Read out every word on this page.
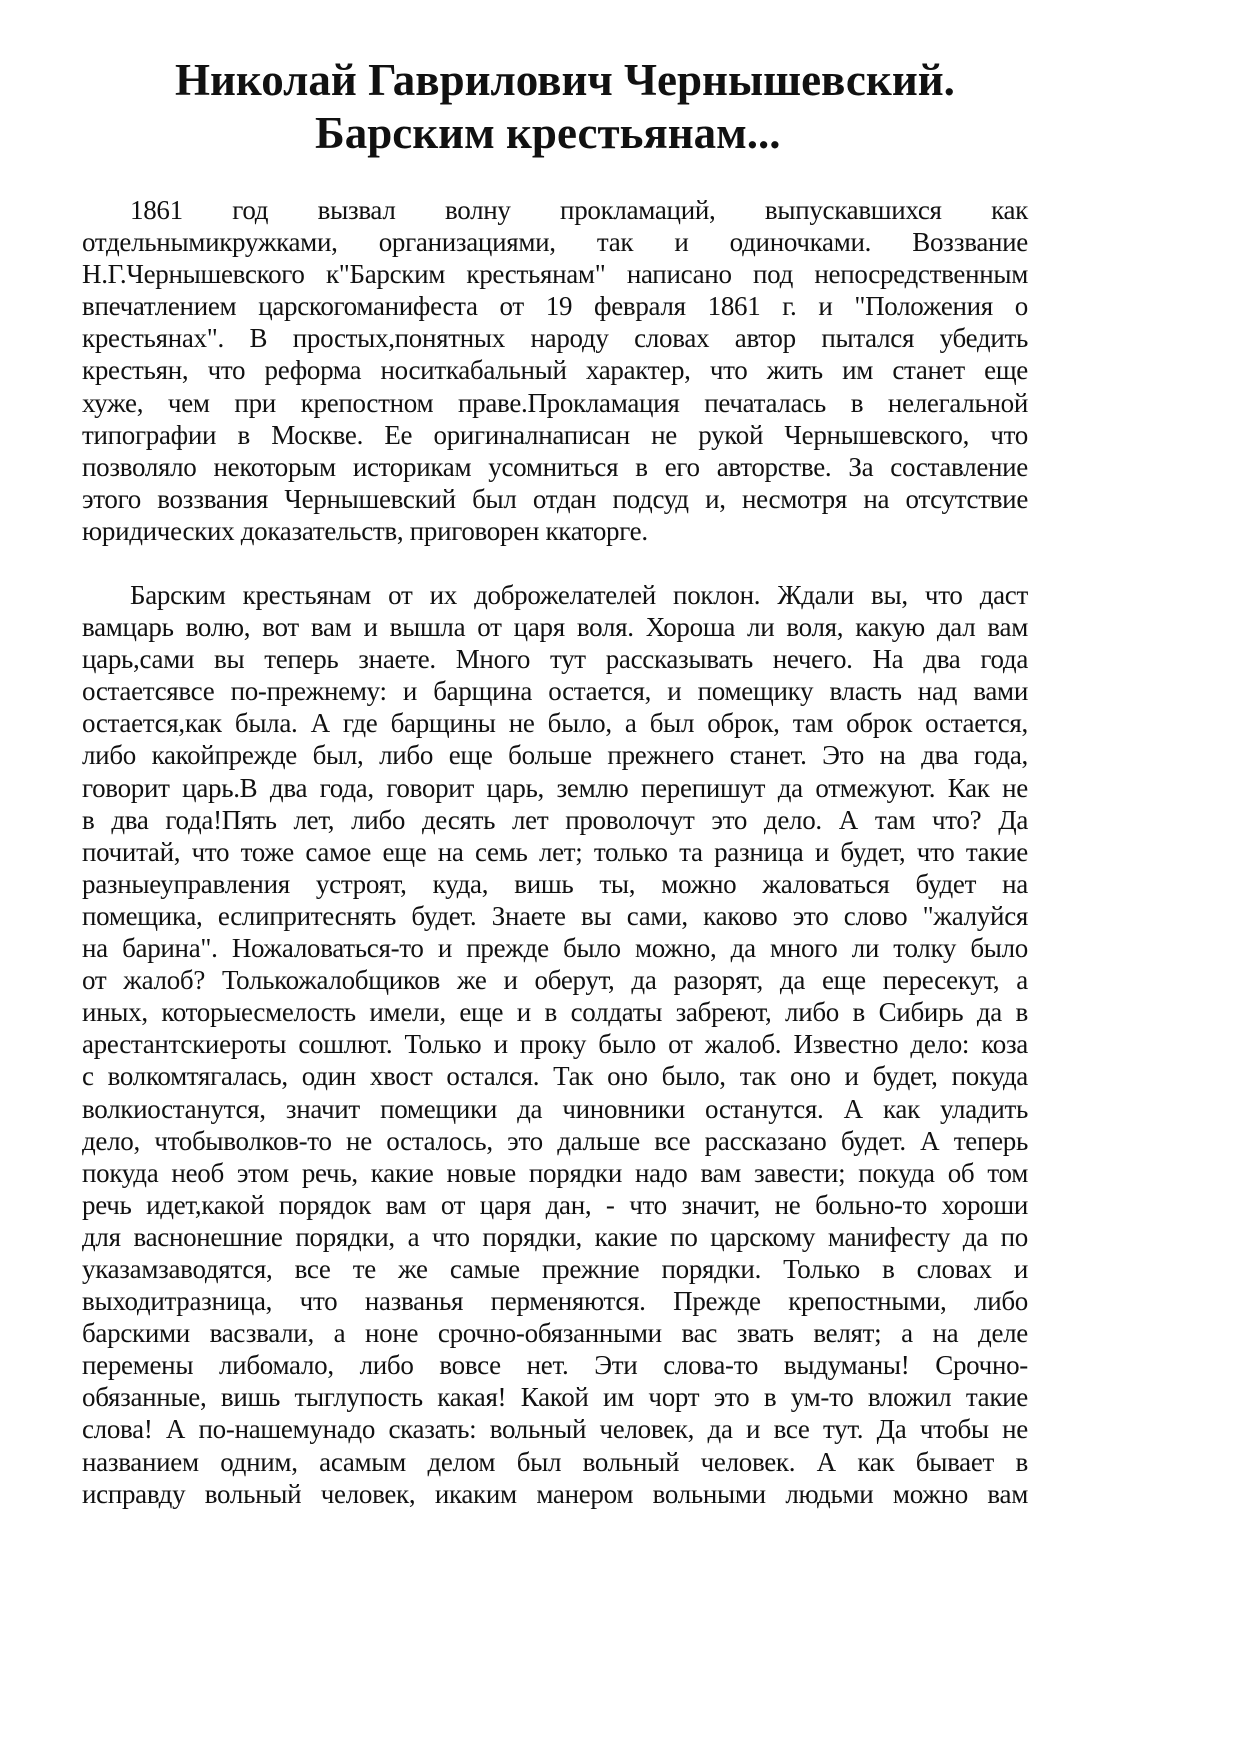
Николай Гаврилович Чернышевский.
Барским крестьянам...
1861 год вызвал волну прокламаций, выпускавшихся как
отдельнымикружками, организациями, так и одиночками. Воззвание
Н.Г.Чернышевского к"Барским крестьянам" написано под непосредственным
впечатлением царскогоманифеста от 19 февраля 1861 г. и "Положения о
крестьянах". В простых,понятных народу словах автор пытался убедить
крестьян, что реформа носиткабальный характер, что жить им станет еще
хуже, чем при крепостном праве.Прокламация печаталась в нелегальной
типографии в Москве. Ее оригиналнаписан не рукой Чернышевского, что
позволяло некоторым историкам усомниться в его авторстве. За составление
этого воззвания Чернышевский был отдан подсуд и, несмотря на отсутствие
юридических доказательств, приговорен ккаторге.
Барским крестьянам от их доброжелателей поклон. Ждали вы, что даст
вамцарь волю, вот вам и вышла от царя воля. Хороша ли воля, какую дал вам
царь,сами вы теперь знаете. Много тут рассказывать нечего. На два года
остаетсявсе по-прежнему: и барщина остается, и помещику власть над вами
остается,как была. А где барщины не было, а был оброк, там оброк остается,
либо какойпрежде был, либо еще больше прежнего станет. Это на два года,
говорит царь.В два года, говорит царь, землю перепишут да отмежуют. Как не
в два года!Пять лет, либо десять лет проволочут это дело. А там что? Да
почитай, что тоже самое еще на семь лет; только та разница и будет, что такие
разныеуправления устроят, куда, вишь ты, можно жаловаться будет на
помещика, еслипритеснять будет. Знаете вы сами, каково это слово "жалуйся
на барина". Ножаловаться-то и прежде было можно, да много ли толку было
от жалоб? Толькожалобщиков же и оберут, да разорят, да еще пересекут, а
иных, которыесмелость имели, еще и в солдаты забреют, либо в Сибирь да в
арестантскиероты сошлют. Только и проку было от жалоб. Известно дело: коза
с волкомтягалась, один хвост остался. Так оно было, так оно и будет, покуда
волкиостанутся, значит помещики да чиновники останутся. А как уладить
дело, чтобыволков-то не осталось, это дальше все рассказано будет. А теперь
покуда необ этом речь, какие новые порядки надо вам завести; покуда об том
речь идет,какой порядок вам от царя дан, - что значит, не больно-то хороши
для васнонешние порядки, а что порядки, какие по царскому манифесту да по
указамзаводятся, все те же самые прежние порядки. Только в словах и
выходитразница, что названья перменяются. Прежде крепостными, либо
барскими васзвали, а ноне срочно-обязанными вас звать велят; а на деле
перемены либомало, либо вовсе нет. Эти слова-то выдуманы! Срочно-
обязанные, вишь тыглупость какая! Какой им чорт это в ум-то вложил такие
слова! А по-нашемунадо сказать: вольный человек, да и все тут. Да чтобы не
названием одним, асамым делом был вольный человек. А как бывает в
исправду вольный человек, икаким манером вольными людьми можно вам
